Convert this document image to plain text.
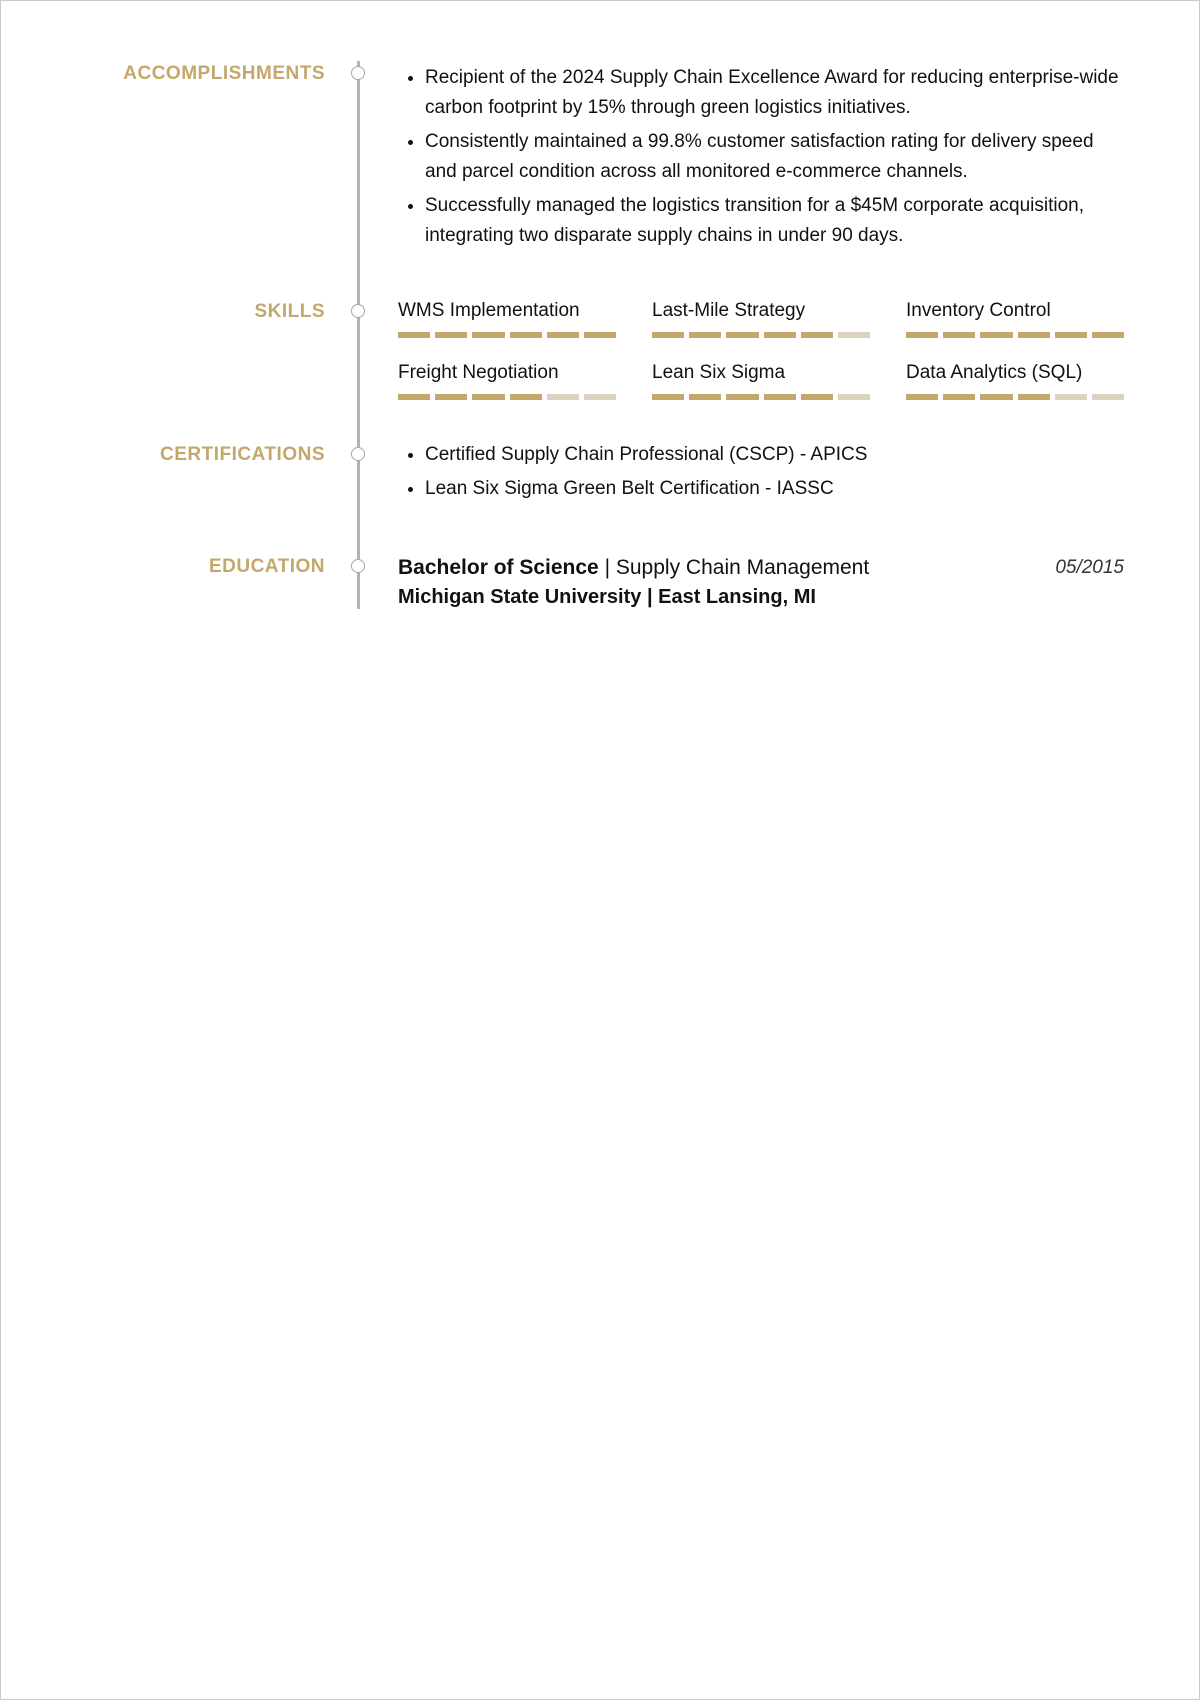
ACCOMPLISHMENTS	• Recipient of the 2024 Supply Chain Excellence Award for reducing enterprise-wide carbon footprint by 15% through green logistics initiatives.
• Consistently maintained a 99.8% customer satisfaction rating for delivery speed and parcel condition across all monitored e-commerce channels.
• Successfully managed the logistics transition for a $45M corporate acquisition, integrating two disparate supply chains in under 90 days.
SKILLS	WMS Implementation	Last-Mile Strategy	Inventory Control
Freight Negotiation	Lean Six Sigma	Data Analytics (SQL)
CERTIFICATIONS	• Certified Supply Chain Professional (CSCP) - APICS
• Lean Six Sigma Green Belt Certification - IASSC
EDUCATION	Bachelor of Science | Supply Chain Management
Michigan State University | East Lansing, MI
05/2015
